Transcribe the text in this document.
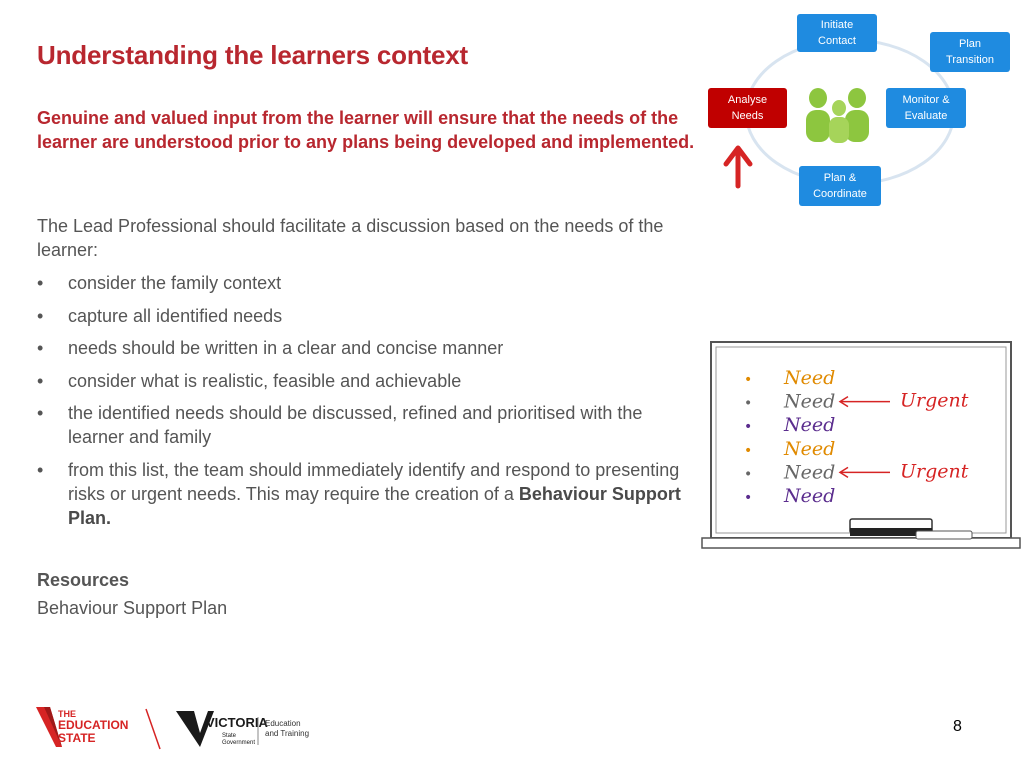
Understanding the learners context
Genuine and valued input from the learner will ensure that the needs of the learner are understood prior to any plans being developed and implemented.
The Lead Professional should facilitate a discussion based on the needs of the learner:
• consider the family context
• capture all identified needs
• needs should be written in a clear and concise manner
• consider what is realistic, feasible and achievable
• the identified needs should be discussed, refined and prioritised with the learner and family
• from this list, the team should immediately identify and respond to presenting risks or urgent needs. This may require the creation of a Behaviour Support Plan.
Resources
Behaviour Support Plan
Initiate
Contact	Plan
Transition
Analyse
Needs
Monitor &
Evaluate
Plan &
Coordinate
• Need
• Need	Urgent
• Need
• Need
• Need	Urgent
• Need
THE
EDUCATION
STATE
VICTORIA
State
Government
Education
and Training	8
